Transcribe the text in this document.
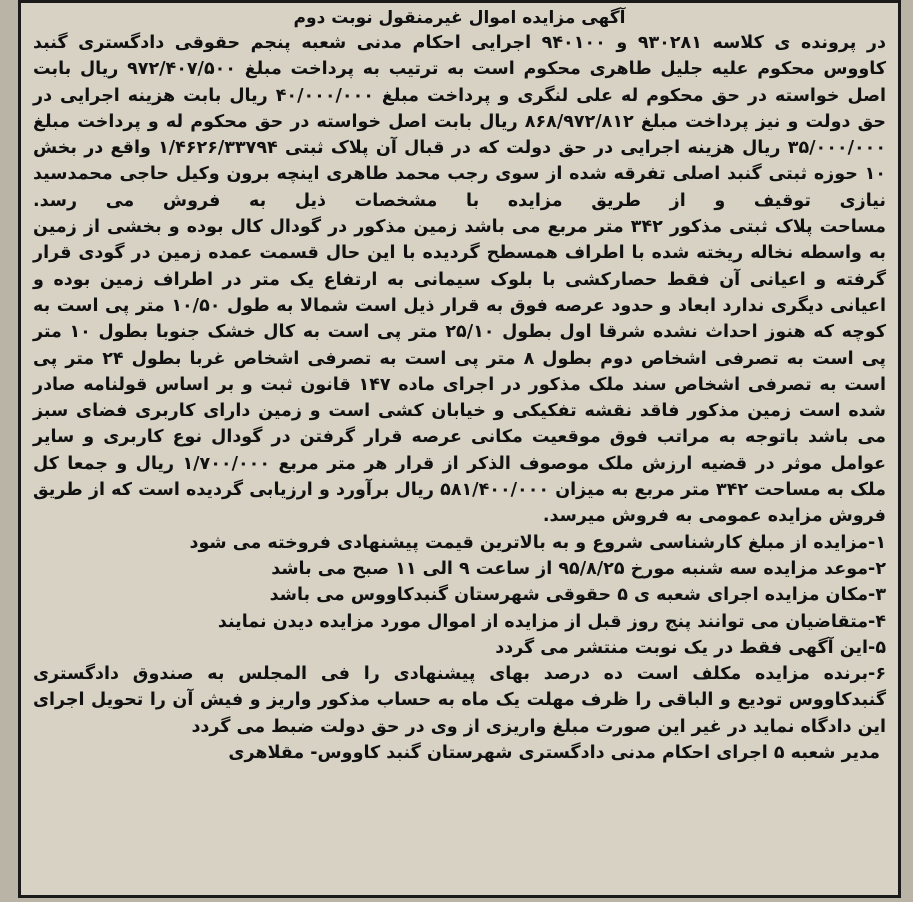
آگهی مزایده اموال غیرمنقول نوبت دوم

در پرونده ی کلاسه ۹۳۰۲۸۱ و ۹۴۰۱۰۰ اجرایی احکام مدنی شعبه پنجم حقوقی دادگستری گنبد کاووس محکوم علیه جلیل طاهری محکوم است به ترتیب به پرداخت مبلغ ۹۷۲/۴۰۷/۵۰۰ ریال بابت اصل خواسته در حق محکوم له علی لنگری و پرداخت مبلغ ۴۰/۰۰۰/۰۰۰ ریال بابت هزینه اجرایی در حق دولت و نیز پرداخت مبلغ ۸۶۸/۹۷۲/۸۱۲ ریال بابت اصل خواسته در حق محکوم له و پرداخت مبلغ ۳۵/۰۰۰/۰۰۰ ریال هزینه اجرایی در حق دولت که در قبال آن پلاک ثبتی ۱/۴۶۲۶/۳۳۷۹۴ واقع در بخش ۱۰ حوزه ثبتی گنبد اصلی تفرقه شده از سوی رجب محمد طاهری اینچه برون وکیل حاجی محمدسید نیازی توقیف و از طریق مزایده با مشخصات ذیل به فروش می رسد.

مساحت پلاک ثبتی مذکور ۳۴۲ متر مربع می باشد زمین مذکور در گودال کال بوده و بخشی از زمین به واسطه نخاله ریخته شده با اطراف همسطح گردیده با این حال قسمت عمده زمین در گودی قرار گرفته و اعیانی آن فقط حصارکشی با بلوک سیمانی به ارتفاع یک متر در اطراف زمین بوده و اعیانی دیگری ندارد ابعاد و حدود عرصه فوق به قرار ذیل است شمالا به طول ۱۰/۵۰ متر پی است به کوچه که هنوز احداث نشده شرقا اول بطول ۲۵/۱۰ متر پی است به کال خشک جنوبا بطول ۱۰ متر پی است به تصرفی اشخاص دوم بطول ۸ متر پی است به تصرفی اشخاص غربا بطول ۲۴ متر پی است به تصرفی اشخاص سند ملک مذکور در اجرای ماده ۱۴۷ قانون ثبت و بر اساس قولنامه صادر شده است زمین مذکور فاقد نقشه تفکیکی و خیابان کشی است و زمین دارای کاربری فضای سبز می باشد باتوجه به مراتب فوق موقعیت مکانی عرصه قرار گرفتن در گودال نوع کاربری و سایر عوامل موثر در قضیه ارزش ملک موصوف الذکر از قرار هر متر مربع ۱/۷۰۰/۰۰۰ ریال و جمعا کل ملک به مساحت ۳۴۲ متر مربع به میزان ۵۸۱/۴۰۰/۰۰۰ ریال برآورد و ارزیابی گردیده است که از طریق فروش مزایده عمومی به فروش میرسد.

۱-مزایده از مبلغ کارشناسی شروع و به بالاترین قیمت پیشنهادی فروخته می شود

۲-موعد مزایده سه شنبه مورخ ۹۵/۸/۲۵ از ساعت ۹ الی ۱۱ صبح می باشد

۳-مکان مزایده اجرای شعبه ی ۵ حقوقی شهرستان گنبدکاووس می باشد

۴-متقاضیان می توانند پنج روز قبل از مزایده از اموال مورد مزایده دیدن نمایند

۵-این آگهی فقط در یک نوبت منتشر می گردد

۶-برنده مزایده مکلف است ده درصد بهای پیشنهادی را فی المجلس به صندوق دادگستری گنبدکاووس تودیع و الباقی را ظرف مهلت یک ماه به حساب مذکور واریز و فیش آن را تحویل اجرای این دادگاه نماید در غیر این صورت مبلغ واریزی از وی در حق دولت ضبط می گردد

مدیر شعبه ۵ اجرای احکام مدنی دادگستری شهرستان گنبد کاووس- مقلاهری
